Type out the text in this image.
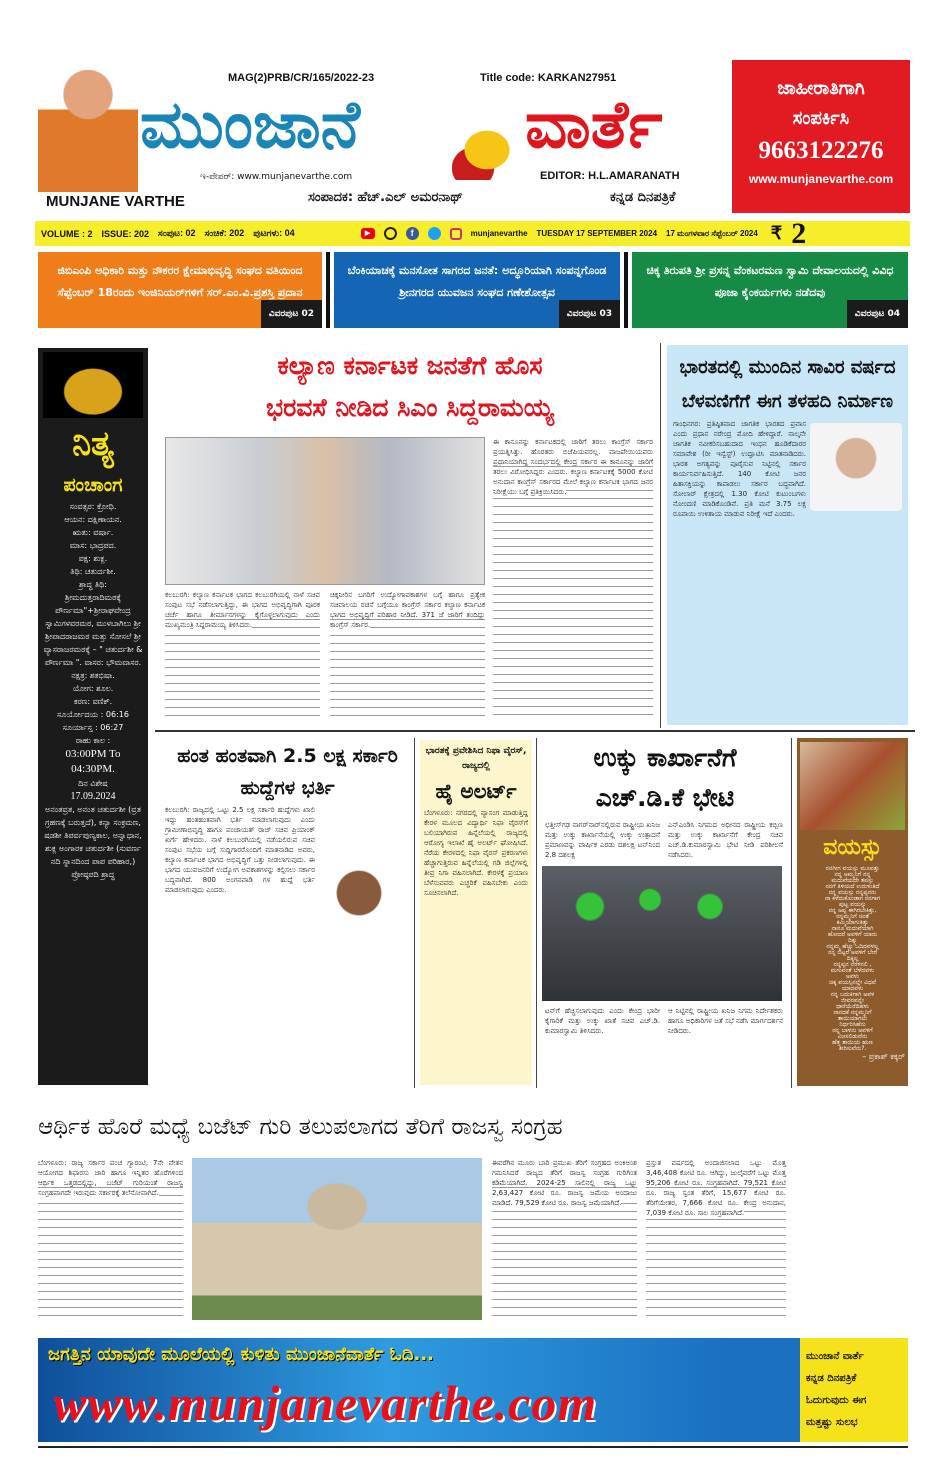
MUNJANE VARTHE
MAG(2)PRB/CR/165/2022-23	Title code: KARKAN27951
ಮುಂಜಾನೆ	ವಾರ್ತೆ
ಇ-ಪೇಪರ್: www.munjanevarthe.com	EDITOR: H.L.AMARANATH
ಸಂಪಾದಕ: ಹೆಚ್.ಎಲ್ ಅಮರನಾಥ್	ಕನ್ನಡ ದಿನಪತ್ರಿಕೆ
ಜಾಹೀರಾತಿಗಾಗಿ
ಸಂಪರ್ಕಿಸಿ
9663122276
www.munjanevarthe.com
VOLUME : 2 ISSUE: 202 ಸಂಪುಟ: 02 ಸಂಚಿಕೆ: 202 ಪುಟಗಳು: 04	▶	f	munjanevarthe TUESDAY 17 SEPTEMBER 2024 17 ಮಂಗಳವಾರ ಸೆಪ್ಟೆಂಬರ್ 2024 ₹ 2
ಜಿಬಿಎಂಪಿ ಅಧಿಕಾರಿ ಮತ್ತು ನೌಕರರ ಕ್ಷೇಮಾಭಿವೃದ್ಧಿ ಸಂಘದ ವತಿಯಿಂದ ಸೆಪ್ಟೆಂಬರ್ 18ರಂದು ಇಂಜಿನಿಯರ್‌ಗಳಿಗೆ ಸರ್.ಎಂ.ವಿ.ಪ್ರಶಸ್ತಿ ಪ್ರದಾನ
ವಿವರಪುಟ 02
ಬೆಂಕಿಯಾಚಕ್ಕೆ ಮನಸೋತ ಸಾಗರದ ಜನತೆ: ಅದ್ಧೂರಿಯಾಗಿ ಸಂಪನ್ನಗೊಂಡ ಶ್ರೀನಗರದ ಯುವಜನ ಸಂಘದ ಗಣೇಶೋತ್ಸವ
ವಿವರಪುಟ 03
ಚಿಕ್ಕ ತಿರುಪತಿ ಶ್ರೀ ಪ್ರಸನ್ನ ವೆಂಕಟರಮಣ ಸ್ವಾಮಿ ದೇವಾಲಯದಲ್ಲಿ ವಿವಿಧ ಪೂಜಾ ಕೈಂಕರ್ಯಗಳು ನಡೆದವು
ವಿವರಪುಟ 04
ನಿತ್ಯ
ಪಂಚಾಂಗ

ಸಂವತ್ಸರ: ಕ್ರೋಧಿ.

ಆಯನ: ದಕ್ಷಿಣಾಯನ.

ಋತು: ವರ್ಷಾ.

ಮಾಸ: ಭಾದ್ರಪದ.

ಪಕ್ಷ: ಶುಕ್ಲ.

ತಿಥಿ: ಚತುರ್ದಶೀ.

ಶ್ರಾದ್ಧ ತಿಥಿ:

ಶ್ರೀಮದುತ್ತರಾದಿಮಠಕ್ಕೆ ಪೌರ್ಣಮಾ"+ಶ್ರೀರಾಘವೇಂದ್ರ ಸ್ವಾಮಿಗಳವರಮಠ, ಮುಳಬಾಗಿಲು ಶ್ರೀ ಶ್ರೀಪಾದರಾಜಮಠ ಮತ್ತು ಸೋಸಲೆ ಶ್ರೀ ವ್ಯಾಸರಾಜರಮಠಕ್ಕೆ – " ಚತುರ್ದಶೀ & ಪೌರ್ಣಮಾ ". ವಾಸರ: ಭೌಮವಾಸರ.

ನಕ್ಷತ್ರ: ಶತಭಿಷಾ.

ಯೋಗ: ಶೂಲ.

ಕರಣ: ವಣಿಕ್.

ಸೂರ್ಯೋದಯ : 06:16

ಸೂರ್ಯಾಸ್ತ : 06:27

ರಾಹು ಕಾಲ :

03:00PM To 04:30PM.

ದಿನ ವಿಶೇಷ

17.09.2024

ಅನಂತವ್ರತ, ಅನಂತ ಚತುರ್ದಶೀ (ವ್ರತ ಗ್ರಹಣಕ್ಕೆ ಬರುತ್ತದೆ), ಕನ್ಯಾ ಸಂಕ್ರಮಣ, ಷಡಶೀ ತಿಪರ್ವಪುಣ್ಯಕಾಲ, ಅನ್ವಾಧಾನ, ಶುಕ್ಲ ಅಂಗಾರಕ ಚತುರ್ದಶೀ (ಸುವರ್ಣ ನದಿ ಸ್ನಾನದಿಂದ ಪಾಪ ಪರಿಹಾರ,) ಪ್ರೋಷ್ಠಪದಿ ಶ್ರಾದ್ಧ

ಕಲ್ಯಾಣ ಕರ್ನಾಟಕ ಜನತೆಗೆ ಹೊಸ
ಭರವಸೆ ನೀಡಿದ ಸಿಎಂ ಸಿದ್ದರಾಮಯ್ಯ
ಈ ಕಾನೂನನ್ನು ಕರ್ನಾಟಕದಲ್ಲಿ ಜಾರಿಗೆ ತರಲು ಕಾಂಗ್ರೆಸ್ ಸರ್ಕಾರ ಪ್ರಯತ್ನಿಸಿತ್ತು. ಹೊರತರು ಬಿಜೆಪಿಯವರಲ್ಲ. ವಾಜಪೇಯಿಯವರು ಪ್ರಧಾನಿಯಾಗಿದ್ದ ಸಂದರ್ಭದಲ್ಲಿ ಕೇಂದ್ರ ಸರ್ಕಾರ ಈ ಕಾನೂನನ್ನು ಜಾರಿಗೆ ತರಲು ವಿರೋಧಿಸಿದ್ದರು ಎಂದರು. ಕಲ್ಯಾಣ ಕರ್ನಾಟಕಕ್ಕೆ 5000 ಕೋಟಿ ಅನುದಾನ ಕಾಂಗ್ರೆಸ್ ಸರ್ಕಾರದ ಮೇಲೆ ಕಲ್ಯಾಣ ಕರ್ನಾಟಕ ಭಾಗದ ಜನರ ನಿರೀಕ್ಷೆಯು ಬಗ್ಗೆ ಪ್ರತಿಕ್ರಿಯಿಸಿದರು.
ಕಲಬುರಗಿ: ಕಲ್ಯಾಣ ಕರ್ನಾಟಕ ಭಾಗದ ಕಲಬುರಗಿಯಲ್ಲಿ ನಾಳೆ ಸಚಿವ ಸಂಪುಟ ಸಭೆ ನಡೆಸಲಾಗುತ್ತಿದ್ದು, ಈ ಭಾಗದ ಅಭಿವೃದ್ಧಿಗಾಗಿ ಪೂರಕ ಚರ್ಚೆ ಹಾಗೂ ತೀರ್ಮಾನಗಳನ್ನು ಕೈಗೊಳ್ಳಲಾಗುವುದು ಎಂದು ಮುಖ್ಯಮಂತ್ರಿ ಸಿದ್ದರಾಮಯ್ಯ ತಿಳಿಸಿದರು.
ಚಿಕ್ಕನೀರಿನ ಬಗರಿಗೆ ಉದ್ಯೋಗಾವಕಾಶಗಳ ಬಗ್ಗೆ ಹಾಗೂ ಪ್ರತ್ಯೇಕ ಸಚಿವಾಲಯ ರಚನೆ ಬಗ್ಗೆಯೂ ಕಾಂಗ್ರೆಸ್ ಸರ್ಕಾರ ಕಲ್ಯಾಣ ಕರ್ನಾಟಕ ಭಾಗದ ಅಭಿವೃದ್ಧಿಗೆ ಪರಿಹಾರ ನೀಡಿದೆ. 371 ಜೆ ಜಾರಿಗೆ ತಂದಿದ್ದು ಕಾಂಗ್ರೆಸ್ ಸರ್ಕಾರ.
ಭಾರತದಲ್ಲಿ ಮುಂದಿನ ಸಾವಿರ ವರ್ಷದ ಬೆಳವಣಿಗೆಗೆ ಈಗ ತಳಹದಿ ನಿರ್ಮಾಣ
ಗಾಂಧಿನಗರ: ಪ್ರತಿಷ್ಠಿತವಾದ ಜಾಗತಿಕ ಭಾರತದ ಪ್ರವಾಸ ಎಂದು ಪ್ರಧಾನ ನರೇಂದ್ರ ಮೋದಿ ಹೇಳಿದ್ದಾರೆ. ನಾಲ್ಕನೇ ಜಾಗತಿಕ ನವೀಕರಿಸಬಹುದಾದ ಇಂಧನ ಹೂಡಿಕೆದಾರರ ಸಮಾವೇಶ (ರೀ ಇನ್ವೆಸ್ಟ್) ಉದ್ಘಾಟಿಸಿ ಮಾತನಾಡಿದರು. ಭಾರತ ಅಗತ್ಯವನ್ನು ಪೂರೈಸುವ ನಿಟ್ಟಿನಲ್ಲಿ ಸರ್ಕಾರ ಕಾರ್ಯನಿರ್ವಹಿಸುತ್ತಿದೆ. 140 ಕೋಟಿ ಜನರ ಹಿತಾಸಕ್ತಿಯನ್ನು ಕಾಪಾಡಲು ಸರ್ಕಾರ ಬದ್ಧವಾಗಿದೆ. ಸೋಲಾರ್ ಕ್ಷೇತ್ರದಲ್ಲಿ 1.30 ಕೋಟಿ ಕುಟುಂಬಗಳು ನೋಂದಣಿ ಮಾಡಿಕೊಂಡಿವೆ. ಪ್ರತಿ ಮನೆ 3.75 ಲಕ್ಷ ರೂಪಾಯಿ ಉಳಿತಾಯ ಮಾಡುವ ನಿರೀಕ್ಷೆ ಇದೆ ಎಂದರು.
ಹಂತ ಹಂತವಾಗಿ 2.5 ಲಕ್ಷ ಸರ್ಕಾರಿ ಹುದ್ದೆಗಳ ಭರ್ತಿ
ಕಲಬುರಗಿ: ರಾಜ್ಯದಲ್ಲಿ ಒಟ್ಟು 2.5 ಲಕ್ಷ ಸರ್ಕಾರಿ ಹುದ್ದೆಗಳು ಖಾಲಿ ಇದ್ದು ಹಂತಹಂತವಾಗಿ ಭರ್ತಿ ಮಾಡಲಾಗುವುದು ಎಂದು ಗ್ರಾಮೀಣಾಭಿವೃದ್ಧಿ ಹಾಗೂ ಪಂಚಾಯತ್ ರಾಜ್ ಸಚಿವ ಪ್ರಿಯಾಂಕ್ ಖರ್ಗೆ ಹೇಳಿದರು. ನಾಳೆ ಕಲಬುರಗಿಯಲ್ಲಿ ನಡೆಯಲಿರುವ ಸಚಿವ ಸಂಪುಟ ಸಭೆಯ ಬಗ್ಗೆ ಸುದ್ದಿಗಾರರೊಂದಿಗೆ ಮಾತನಾಡಿದ ಅವರು, ಕಲ್ಯಾಣ ಕರ್ನಾಟಕ ಭಾಗದ ಅಭಿವೃದ್ಧಿಗೆ ಒತ್ತು ನೀಡಲಾಗುವುದು. ಈ ಭಾಗದ ಯುವಜನರಿಗೆ ಉದ್ಯೋಗ ಅವಕಾಶಗಳನ್ನು ಕಲ್ಪಿಸಲು ಸರ್ಕಾರ ಬದ್ಧವಾಗಿದೆ. 800 ಅಂಗನವಾಡಿ ಗಳ ಹುದ್ದೆ ಭರ್ತಿ ಮಾಡಲಾಗುವುದು ಎಂದರು.
ಭಾರತಕ್ಕೆ ಪ್ರವೇಶಿಸಿದ ನಿಫಾ ವೈರಸ್, ರಾಜ್ಯದಲ್ಲಿ
ಹೈ ಅಲರ್ಟ್
ಬೆಂಗಳೂರು: ನಗರದಲ್ಲಿ ವ್ಯಾಸಂಗ ಮಾಡುತ್ತಿದ್ದ ಕೇರಳ ಮೂಲದ ವಿದ್ಯಾರ್ಥಿ ನಿಫಾ ವೈರಸ್‌ಗೆ ಬಲಿಯಾಗಿರುವ ಹಿನ್ನೆಲೆಯಲ್ಲಿ ರಾಜ್ಯದಲ್ಲಿ ಆರೋಗ್ಯ ಇಲಾಖೆ ಹೈ ಅಲರ್ಟ್ ಘೋಷಿಸಿದೆ. ನೆರೆಯ ಕೇರಳದಲ್ಲಿ ನಿಫಾ ವೈರಸ್ ಪ್ರಕರಣಗಳು ಹೆಚ್ಚಾಗುತ್ತಿರುವ ಹಿನ್ನೆಲೆಯಲ್ಲಿ ಗಡಿ ಜಿಲ್ಲೆಗಳಲ್ಲಿ ತೀವ್ರ ನಿಗಾ ವಹಿಸಲಾಗಿದೆ. ಕೇರಳಕ್ಕೆ ಪ್ರಯಾಣ ಬೆಳೆಸುವವರು ಎಚ್ಚರಿಕೆ ವಹಿಸಬೇಕು ಎಂದು ಸೂಚಿಸಲಾಗಿದೆ.
ಉಕ್ಕು ಕಾರ್ಖಾನೆಗೆ
ಎಚ್.ಡಿ.ಕೆ ಭೇಟಿ
ಛತ್ತೀಸ್‌ಗಢ ನಾಗರ್‌ನಾರ್‌ನಲ್ಲಿರುವ ರಾಷ್ಟ್ರೀಯ ಖನಿಜ ಮತ್ತು ಉಕ್ಕು ಕಾರ್ಖಾನೆಯಲ್ಲಿ ಉಕ್ಕು ಉತ್ಪಾದನೆ ಪ್ರಮಾಣವನ್ನು ವಾರ್ಷಿಕ ಎರಡು ದಶಲಕ್ಷ ಟನ್‌ನಿಂದ 2.8 ದಶಲಕ್ಷ
ಎನ್‌ಎಂಡಿಸಿ ನಿಗಮದ ಅಧೀನದ ರಾಷ್ಟ್ರೀಯ ಕಬ್ಬಿಣ ಮತ್ತು ಉಕ್ಕು ಕಾರ್ಖಾನೆಗೆ ಕೇಂದ್ರ ಸಚಿವ ಎಚ್.ಡಿ.ಕುಮಾರಸ್ವಾಮಿ ಭೇಟಿ ನೀಡಿ ಪರಿಶೀಲನೆ ನಡೆಸಿದರು.
ಟನ್‌ಗೆ ಹೆಚ್ಚಿಸಲಾಗುವುದು ಎಂದು ಕೇಂದ್ರ ಭಾರೀ ಕೈಗಾರಿಕೆ ಮತ್ತು ಉಕ್ಕು ಖಾತೆ ಸಚಿವ ಎಚ್.ಡಿ. ಕುಮಾರಸ್ವಾಮಿ ತಿಳಿಸಿದರು.
ಆ ನಿಟ್ಟಿನಲ್ಲಿ ರಾಷ್ಟ್ರೀಯ ಖನಿಜ ನಿಗಮ ನಿರ್ದೇಶಕರು ಹಾಗೂ ಅಧಿಕಾರಿಗಳ ಜತೆ ಸಭೆ ನಡೆಸಿ ಮಾರ್ಗದರ್ಶನ ನೀಡಿದರು.
ವಯಸ್ಸು

ನನಗೀಗ ವಯಸ್ಸು ಮೂವತ್ತು

ನನ್ನ ಅಮ್ಮನಿಗೆ ನನ್ನ

ಮದುವೆಯದೇ ತಪಸ್ಸು

ನನಗೆ ತಿಳಿಯದೆ ಉರುಳುತಿದೆ

ನನ್ನ ವಯಸ್ಸು ನನ್ನಪ್ಪನನು

ನಾ ಕಳೆದುಕೊಂಡಾಗ ನನಗಾಗ

ಪುಟ್ಟ ವಯಸ್ಸು

ನನ್ನ ಅಪ್ಪ ಈಗಿರಬೇಕಿತ್ತು,

ನನ್ನಮ್ಮನಿಗೆ ಚಿಂತೆ

ಕಮ್ಮಿಯಾಗುತಿತ್ತು

ನಾನೂ ಮದುವೆಯಾಗಿ

ಹೋದರೆ ಅವಳಿಗೆ ಯಾರು

ದಿಕ್ಕು

ನನ್ನಮ್ಮ ಹೆಚ್ಚು ಓದಿದವಳಲ್ಲ

ನನ್ನ ಬಿಟ್ಟರೆ ಅವಳಿಗೆ ಬೇರೆ

ದಿಕ್ಕಿಲ್ಲ

ನನ್ನಪ್ಪನ ನೆರಳಿನಲಿ ,

ಮಗುವಂತೆ ಬೆಳೆದವಳು

ಅವಳು

ಚಿಕ್ಕ ವಯಸ್ಸಿನಲ್ಲೇ ವಿಧವೆ

ಯಾದವಳು

ನನ್ನ ಬದುಕಿಗಾಗಿ ಅವಳ

ಜೀವನವನ್ನೇ

ಧಾರೆಯೆರೆದಿಹಳು

ನಾನದಕೆ ನನ್ನಮ್ಮನಿಗೆ

ತಾಯಿಯಾಗಲು

ನಿರ್ಧರಿಸಿಹೆನು

ನನ್ನ ಬಾಳನು ಅವಳಿಗೆ

ಮೀಸಲಿಡುವೆನು

ಹೆತ್ತ ತಾಯಿಯ ಋಣ

ತೀರಿಸುವೆನು?.

– ಪ್ರಕಾಶ್ ಕಕ್ಕರ್

ಆರ್ಥಿಕ ಹೊರೆ ಮಧ್ಯೆ ಬಜೆಟ್ ಗುರಿ ತಲುಪಲಾಗದ ತೆರಿಗೆ ರಾಜಸ್ವ ಸಂಗ್ರಹ
ಬೆಂಗಳೂರು: ರಾಜ್ಯ ಸರ್ಕಾರ ಪಂಚ ಗ್ಯಾರಂಟಿ, 7ನೇ ವೇತನ ಆಯೋಗದ ಶಿಫಾರಸು ಜಾರಿ ಹಾಗೂ ಇನ್ನಿತರ ಹೊರೆಗಳಿಂದ ಆರ್ಥಿಕ ಒತ್ತಡದಲ್ಲಿದ್ದು, ಬಜೆಟ್ ಗುರಿಯಂತೆ ರಾಜಸ್ವ ಸಂಗ್ರಹವಾಗದೇ ಇರುವುದು ಸರ್ಕಾರಕ್ಕೆ ತಲೆನೋವಾಗಿದೆ.
ಈವರೆಗಿನ ಮೂರು ಬಾರಿ ಪ್ರಮುಖ ತೆರಿಗೆ ಸಂಗ್ರಹದ ಅಂಕಿಅಂಶ ಗಮನಿಸಿದರೆ ರಾಜ್ಯದ ತೆರಿಗೆ ರಾಜಸ್ವ ಸಂಗ್ರಹ ಗುರಿಗಿಂತ ಕಡಿಮೆಯಾಗಿದೆ. 2024-25 ಸಾಲಿನಲ್ಲಿ ರಾಜ್ಯ ಒಟ್ಟು 2,63,427 ಕೋಟಿ ರೂ. ರಾಜಸ್ವ ಜಮೆಯ ಅಂದಾಜು ಮಾಡಿದೆ. 79,529 ಕೋಟಿ ರೂ. ರಾಜಸ್ವ ಜಮೆಯಾಗಿದೆ.
ಪ್ರಸ್ತುತ ವರ್ಷದಲ್ಲಿ ಅಂದಾಜಿಸಲಾದ ಒಟ್ಟು ಮೊತ್ತ 3,46,408 ಕೋಟಿ ರೂ. ಆಗಿದ್ದು, ಜುಲೈವರೆಗೆ ಒಟ್ಟು ಮೊತ್ತ 95,206 ಕೋಟಿ ರೂ. ಸಂಗ್ರಹವಾಗಿದೆ. 79,521 ಕೋಟಿ ರೂ. ರಾಜ್ಯ ಸ್ವಂತ ತೆರಿಗೆ, 15,677 ಕೋಟಿ ರೂ. ತೆರಿಗೆಯೇತರ, 7,666 ಕೋಟಿ ರೂ. ಕೇಂದ್ರ ಅನುದಾನ, 7,039 ಕೋಟಿ ರೂ. ಸಾಲ ಸಂಗ್ರಹವಾಗಿದೆ.
ಜಗತ್ತಿನ ಯಾವುದೇ ಮೂಲೆಯಲ್ಲಿ ಕುಳಿತು ಮುಂಜಾನೆವಾರ್ತೆ ಓದಿ...
www.munjanevarthe.com
ಮುಂಜಾನೆ ವಾರ್ತೆ
ಕನ್ನಡ ದಿನಪತ್ರಿಕೆ
ಓದುಗುವುದು ಈಗ
ಮತ್ತಷ್ಟು ಸುಲಭ
